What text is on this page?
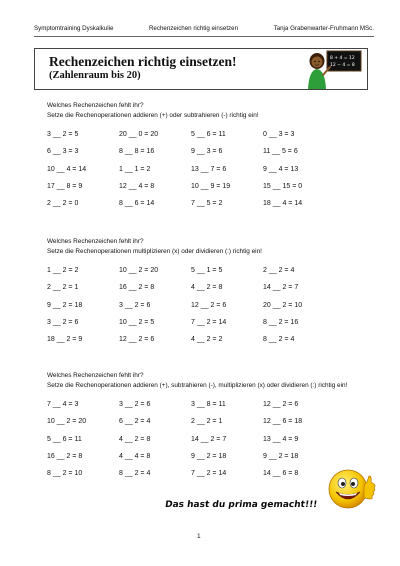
Symptomtraining Dyskalkulie	Rechenzeichen richtig einsetzen	Tanja Grabenwarter-Fruhmann MSc.
Rechenzeichen richtig einsetzen!
(Zahlenraum bis 20)
8 + 4 = 12
12 − 4 = 8
Welches Rechenzeichen fehlt ihr?
Setze die Rechenoperationen addieren (+) oder subtrahieren (-) richtig ein!
3 __ 2 = 5	20 __ 0 = 20	5 __ 6 = 11	0 __ 3 = 3
6 __ 3 = 3	8 __ 8 = 16	9 __ 3 = 6	11 __ 5 = 6
10 __ 4 = 14	1 __ 1 = 2	13 __ 7 = 6	9 __ 4 = 13
17 __ 8 = 9	12 __ 4 = 8	10 __ 9 = 19	15 __ 15 = 0
2 __ 2 = 0	8 __ 6 = 14	7 __ 5 = 2	18 __ 4 = 14
Welches Rechenzeichen fehlt ihr?
Setze die Rechenoperationen multiplizieren (x) oder dividieren (:) richtig ein!
1 __ 2 = 2	10 __ 2 = 20	5 __ 1 = 5	2 __ 2 = 4
2 __ 2 = 1	16 __ 2 = 8	4 __ 2 = 8	14 __ 2 = 7
9 __ 2 = 18	3 __ 2 = 6	12 __ 2 = 6	20 __ 2 = 10
3 __ 2 = 6	10 __ 2 = 5	7 __ 2 = 14	8 __ 2 = 16
18 __ 2 = 9	12 __ 2 = 6	4 __ 2 = 2	8 __ 2 = 4
Welches Rechenzeichen fehlt ihr?
Setze die Rechenoperationen addieren (+), subtrahieren (-), multiplizieren (x) oder dividieren (:) richtig ein!
7 __ 4 = 3	3 __ 2 = 6	3 __ 8 = 11	12 __ 2 = 6
10 __ 2 = 20	6 __ 2 = 4	2 __ 2 = 1	12 __ 6 = 18
5 __ 6 = 11	4 __ 2 = 8	14 __ 2 = 7	13 __ 4 = 9
16 __ 2 = 8	4 __ 4 = 8	9 __ 2 = 18	9 __ 2 = 18
8 __ 2 = 10	8 __ 2 = 4	7 __ 2 = 14	14 __ 6 = 8
Das hast du prima gemacht!!!
1
